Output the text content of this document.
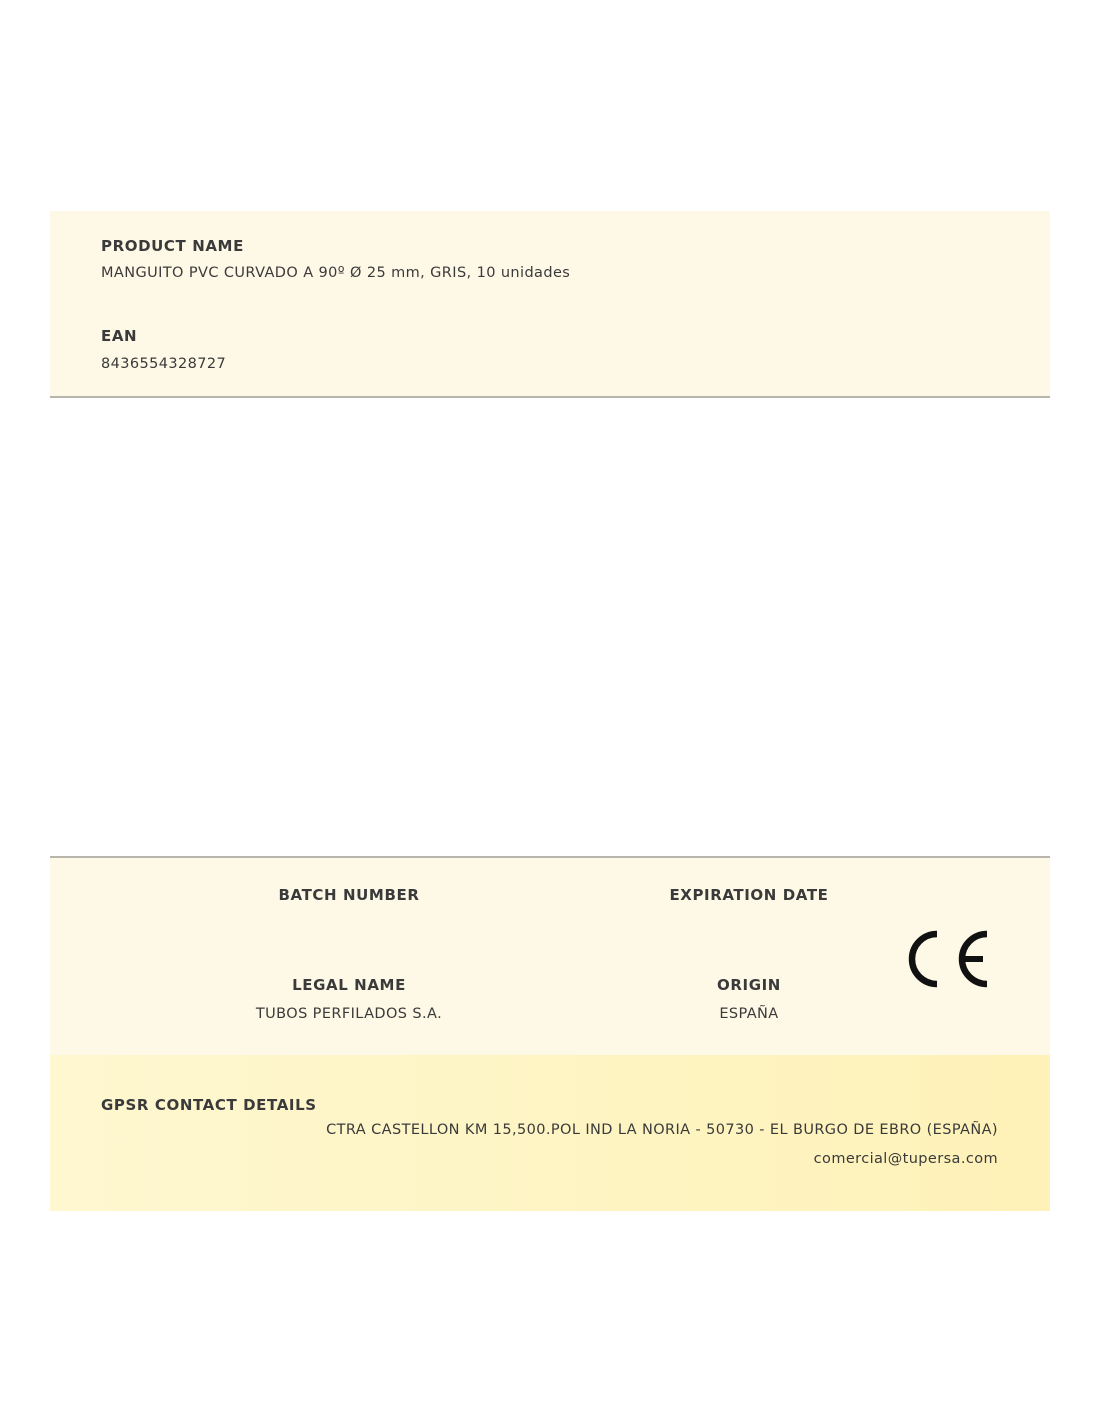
PRODUCT NAME
MANGUITO PVC CURVADO A 90º Ø 25 mm, GRIS, 10 unidades
EAN
8436554328727
BATCH NUMBER	EXPIRATION DATE
LEGAL NAME
TUBOS PERFILADOS S.A.
ORIGIN
ESPAÑA
GPSR CONTACT DETAILS
CTRA CASTELLON KM 15,500.POL IND LA NORIA - 50730 - EL BURGO DE EBRO (ESPAÑA)
comercial@tupersa.com
